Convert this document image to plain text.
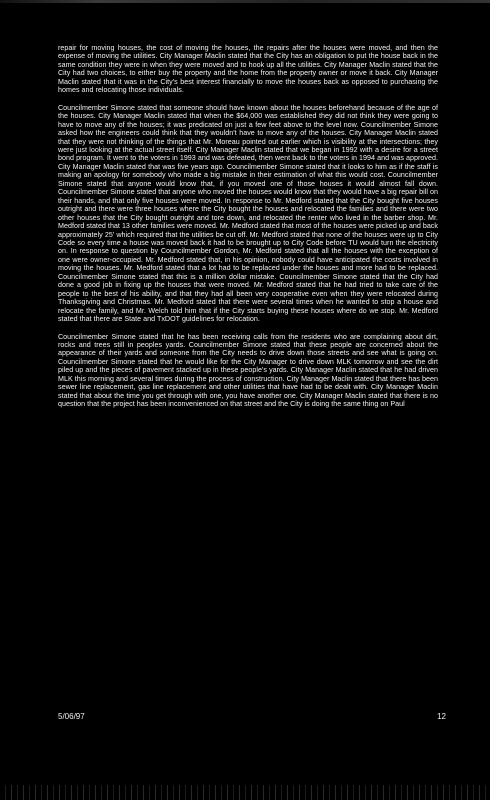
repair for moving houses, the cost of moving the houses, the repairs after the houses were moved, and then the expense of moving the utilities. City Manager Maclin stated that the City has an obligation to put the house back in the same condition they were in when they were moved and to hook up all the utilities. City Manager Maclin stated that the City had two choices, to either buy the property and the home from the property owner or move it back. City Manager Maclin stated that it was in the City's best interest financially to move the houses back as opposed to purchasing the homes and relocating those individuals.

Councilmember Simone stated that someone should have known about the houses beforehand because of the age of the houses. City Manager Maclin stated that when the $64,000 was established they did not think they were going to have to move any of the houses; it was predicated on just a few feet above to the level now. Councilmember Simone asked how the engineers could think that they wouldn't have to move any of the houses. City Manager Maclin stated that they were not thinking of the things that Mr. Moreau pointed out earlier which is visibility at the intersections; they were just looking at the actual street itself. City Manager Maclin stated that we began in 1992 with a desire for a street bond program. It went to the voters in 1993 and was defeated, then went back to the voters in 1994 and was approved. City Manager Maclin stated that was five years ago. Councilmember Simone stated that it looks to him as if the staff is making an apology for somebody who made a big mistake in their estimation of what this would cost. Councilmember Simone stated that anyone would know that, if you moved one of those houses it would almost fall down. Councilmember Simone stated that anyone who moved the houses would know that they would have a big repair bill on their hands, and that only five houses were moved. In response to Mr. Medford stated that the City bought five houses outright and there were three houses where the City bought the houses and relocated the families and there were two other houses that the City bought outright and tore down, and relocated the renter who lived in the barber shop. Mr. Medford stated that 13 other families were moved. Mr. Medford stated that most of the houses were picked up and back approximately 25' which required that the utilities be cut off. Mr. Medford stated that none of the houses were up to City Code so every time a house was moved back it had to be brought up to City Code before TU would turn the electricity on. In response to question by Councilmember Gordon, Mr. Medford stated that all the houses with the exception of one were owner-occupied. Mr. Medford stated that, in his opinion, nobody could have anticipated the costs involved in moving the houses. Mr. Medford stated that a lot had to be replaced under the houses and more had to be replaced. Councilmember Simone stated that this is a million dollar mistake. Councilmember Simone stated that the City had done a good job in fixing up the houses that were moved. Mr. Medford stated that he had tried to take care of the people to the best of his ability, and that they had all been very cooperative even when they were relocated during Thanksgiving and Christmas. Mr. Medford stated that there were several times when he wanted to stop a house and relocate the family, and Mr. Welch told him that if the City starts buying these houses where do we stop. Mr. Medford stated that there are State and TxDOT guidelines for relocation.

Councilmember Simone stated that he has been receiving calls from the residents who are complaining about dirt, rocks and trees still in peoples yards. Councilmember Simone stated that these people are concerned about the appearance of their yards and someone from the City needs to drive down those streets and see what is going on. Councilmember Simone stated that he would like for the City Manager to drive down MLK tomorrow and see the dirt piled up and the pieces of pavement stacked up in these people's yards. City Manager Maclin stated that he had driven MLK this morning and several times during the process of construction. City Manager Maclin stated that there has been sewer line replacement, gas line replacement and other utilities that have had to be dealt with. City Manager Maclin stated that about the time you get through with one, you have another one. City Manager Maclin stated that there is no question that the project has been inconvenienced on that street and the City is doing the same thing on Paul

5/06/97	12
